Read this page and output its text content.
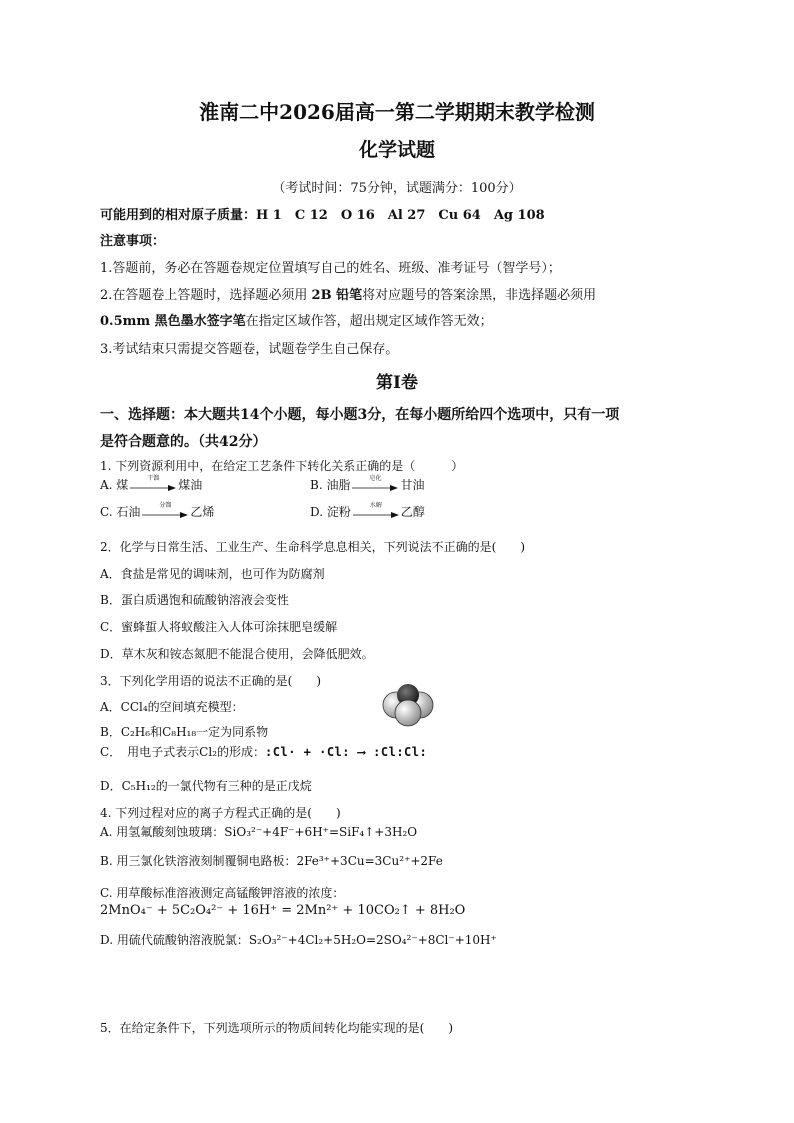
淮南二中2026届高一第二学期期末教学检测
化学试题
（考试时间：75分钟，试题满分：100分）
可能用到的相对原子质量：H 1　C 12　O 16　Al 27　Cu 64　Ag 108
注意事项：
1.答题前，务必在答题卷规定位置填写自己的姓名、班级、准考证号（智学号）；
2.在答题卷上答题时，选择题必须用 2B 铅笔将对应题号的答案涂黑，非选择题必须用
0.5mm 黑色墨水签字笔在指定区域作答，超出规定区域作答无效；
3.考试结束只需提交答题卷，试题卷学生自己保存。
第Ⅰ卷
一、选择题：本大题共14个小题，每小题3分，在每小题所给四个选项中，只有一项
是符合题意的。（共42分）
1. 下列资源利用中，在给定工艺条件下转化关系正确的是（　　　）
A. 煤	干馏	煤油	B. 油脂	皂化	甘油
C. 石油	分馏	乙烯	D. 淀粉	水解	乙醇
2．化学与日常生活、工业生产、生命科学息息相关，下列说法不正确的是(　　)
A．食盐是常见的调味剂，也可作为防腐剂
B．蛋白质遇饱和硫酸钠溶液会变性
C．蜜蜂蜇人将蚁酸注入人体可涂抹肥皂缓解
D．草木灰和铵态氮肥不能混合使用，会降低肥效。
3．下列化学用语的说法不正确的是(　　)
A．CCl₄的空间填充模型：
B．C₂H₆和C₈H₁₈一定为同系物
C．　用电子式表示Cl₂的形成：:Cl· + ·Cl: ⟶ :Cl:Cl:
D．C₅H₁₂的一氯代物有三种的是正戊烷
4. 下列过程对应的离子方程式正确的是(　　)
A. 用氢氟酸刻蚀玻璃：SiO₃²⁻+4F⁻+6H⁺=SiF₄↑+3H₂O
B. 用三氯化铁溶液刻制覆铜电路板：2Fe³⁺+3Cu=3Cu²⁺+2Fe
C. 用草酸标准溶液测定高锰酸钾溶液的浓度：
2MnO₄⁻ + 5C₂O₄²⁻ + 16H⁺ = 2Mn²⁺ + 10CO₂↑ + 8H₂O
D. 用硫代硫酸钠溶液脱氯：S₂O₃²⁻+4Cl₂+5H₂O=2SO₄²⁻+8Cl⁻+10H⁺
5．在给定条件下，下列选项所示的物质间转化均能实现的是(　　)
